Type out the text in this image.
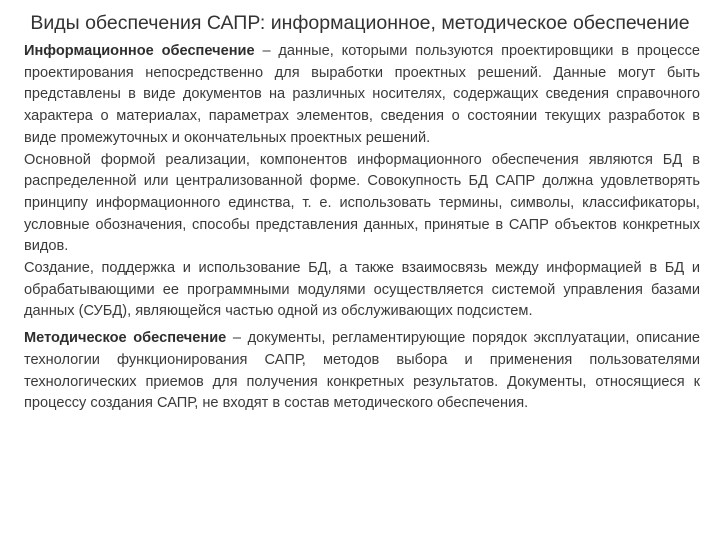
Виды обеспечения САПР: информационное, методическое обеспечение

Информационное обеспечение – данные, которыми пользуются проектировщики в процессе проектирования непосредственно для выработки проектных решений. Данные могут быть представлены в виде документов на различных носителях, содержащих сведения справочного характера о материалах, параметрах элементов, сведения о состоянии текущих разработок в виде промежуточных и окончательных проектных решений.

Основной формой реализации, компонентов информационного обеспечения являются БД в распределенной или централизованной форме. Совокупность БД САПР должна удовлетворять принципу информационного единства, т. е. использовать термины, символы, классификаторы, условные обозначения, способы представления данных, принятые в САПР объектов конкретных видов.

Создание, поддержка и использование БД, а также взаимосвязь между информацией в БД и обрабатывающими ее программными модулями осуществляется системой управления базами данных (СУБД), являющейся частью одной из обслуживающих подсистем.

Методическое обеспечение – документы, регламентирующие порядок эксплуатации, описание технологии функционирования САПР, методов выбора и применения пользователями технологических приемов для получения конкретных результатов. Документы, относящиеся к процессу создания САПР, не входят в состав методического обеспечения.
